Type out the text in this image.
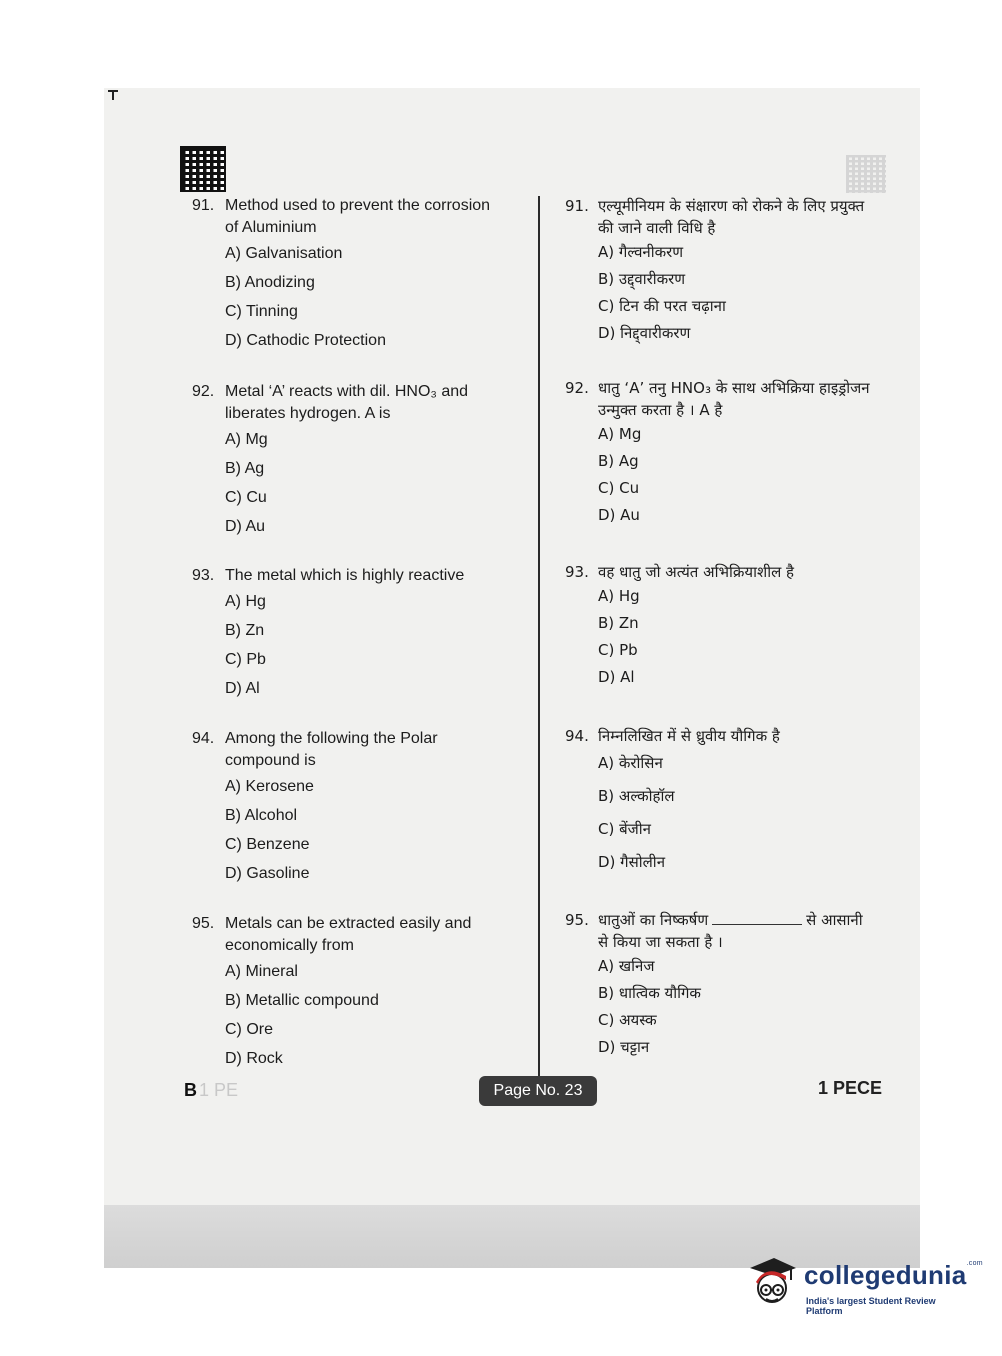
91. Method used to prevent the corrosion
of Aluminium
A) Galvanisation
B) Anodizing
C) Tinning
D) Cathodic Protection
92. Metal ‘A’ reacts with dil. HNO₃ and
liberates hydrogen. A is
A) Mg
B) Ag
C) Cu
D) Au
93. The metal which is highly reactive
A) Hg
B) Zn
C) Pb
D) Al
94. Among the following the Polar
compound is
A) Kerosene
B) Alcohol
C) Benzene
D) Gasoline
95. Metals can be extracted easily and
economically from
A) Mineral
B) Metallic compound
C) Ore
D) Rock
91. एल्यूमीनियम के संक्षारण को रोकने के लिए प्रयुक्त
की जाने वाली विधि है
A) गैल्वनीकरण
B) उद्द्वारीकरण
C) टिन की परत चढ़ाना
D) निद्द्वारीकरण
92. धातु ‘A’ तनु HNO₃ के साथ अभिक्रिया हाइड्रोजन
उन्मुक्त करता है । A है
A) Mg
B) Ag
C) Cu
D) Au
93. वह धातु जो अत्यंत अभिक्रियाशील है
A) Hg
B) Zn
C) Pb
D) Al
94. निम्नलिखित में से ध्रुवीय यौगिक है
A) केरोसिन
B) अल्कोहॉल
C) बेंजीन
D) गैसोलीन
95. धातुओं का निष्कर्षण	से आसानी
से किया जा सकता है ।
A) खनिज
B) धात्विक यौगिक
C) अयस्क
D) चट्टान
B 1 PE	Page No. 23	1 PECE
collegedunia$^{.com}$
India's largest Student Review Platform
